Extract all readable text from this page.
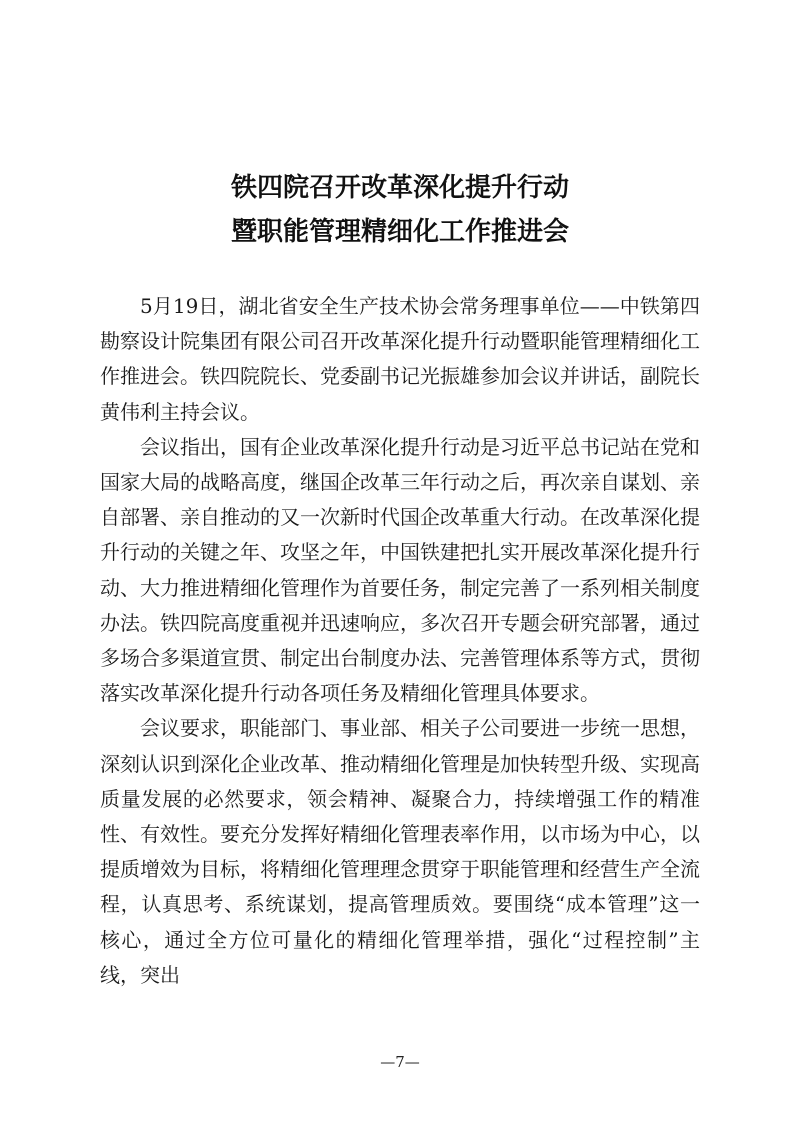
铁四院召开改革深化提升行动
暨职能管理精细化工作推进会

5月19日，湖北省安全生产技术协会常务理事单位——中铁第四勘察设计院集团有限公司召开改革深化提升行动暨职能管理精细化工作推进会。铁四院院长、党委副书记光振雄参加会议并讲话，副院长黄伟利主持会议。

会议指出，国有企业改革深化提升行动是习近平总书记站在党和国家大局的战略高度，继国企改革三年行动之后，再次亲自谋划、亲自部署、亲自推动的又一次新时代国企改革重大行动。在改革深化提升行动的关键之年、攻坚之年，中国铁建把扎实开展改革深化提升行动、大力推进精细化管理作为首要任务，制定完善了一系列相关制度办法。铁四院高度重视并迅速响应，多次召开专题会研究部署，通过多场合多渠道宣贯、制定出台制度办法、完善管理体系等方式，贯彻落实改革深化提升行动各项任务及精细化管理具体要求。

会议要求，职能部门、事业部、相关子公司要进一步统一思想，深刻认识到深化企业改革、推动精细化管理是加快转型升级、实现高质量发展的必然要求，领会精神、凝聚合力，持续增强工作的精准性、有效性。要充分发挥好精细化管理表率作用，以市场为中心，以提质增效为目标，将精细化管理理念贯穿于职能管理和经营生产全流程，认真思考、系统谋划，提高管理质效。要围绕“成本管理”这一核心，通过全方位可量化的精细化管理举措，强化“过程控制”主线，突出

—7—
